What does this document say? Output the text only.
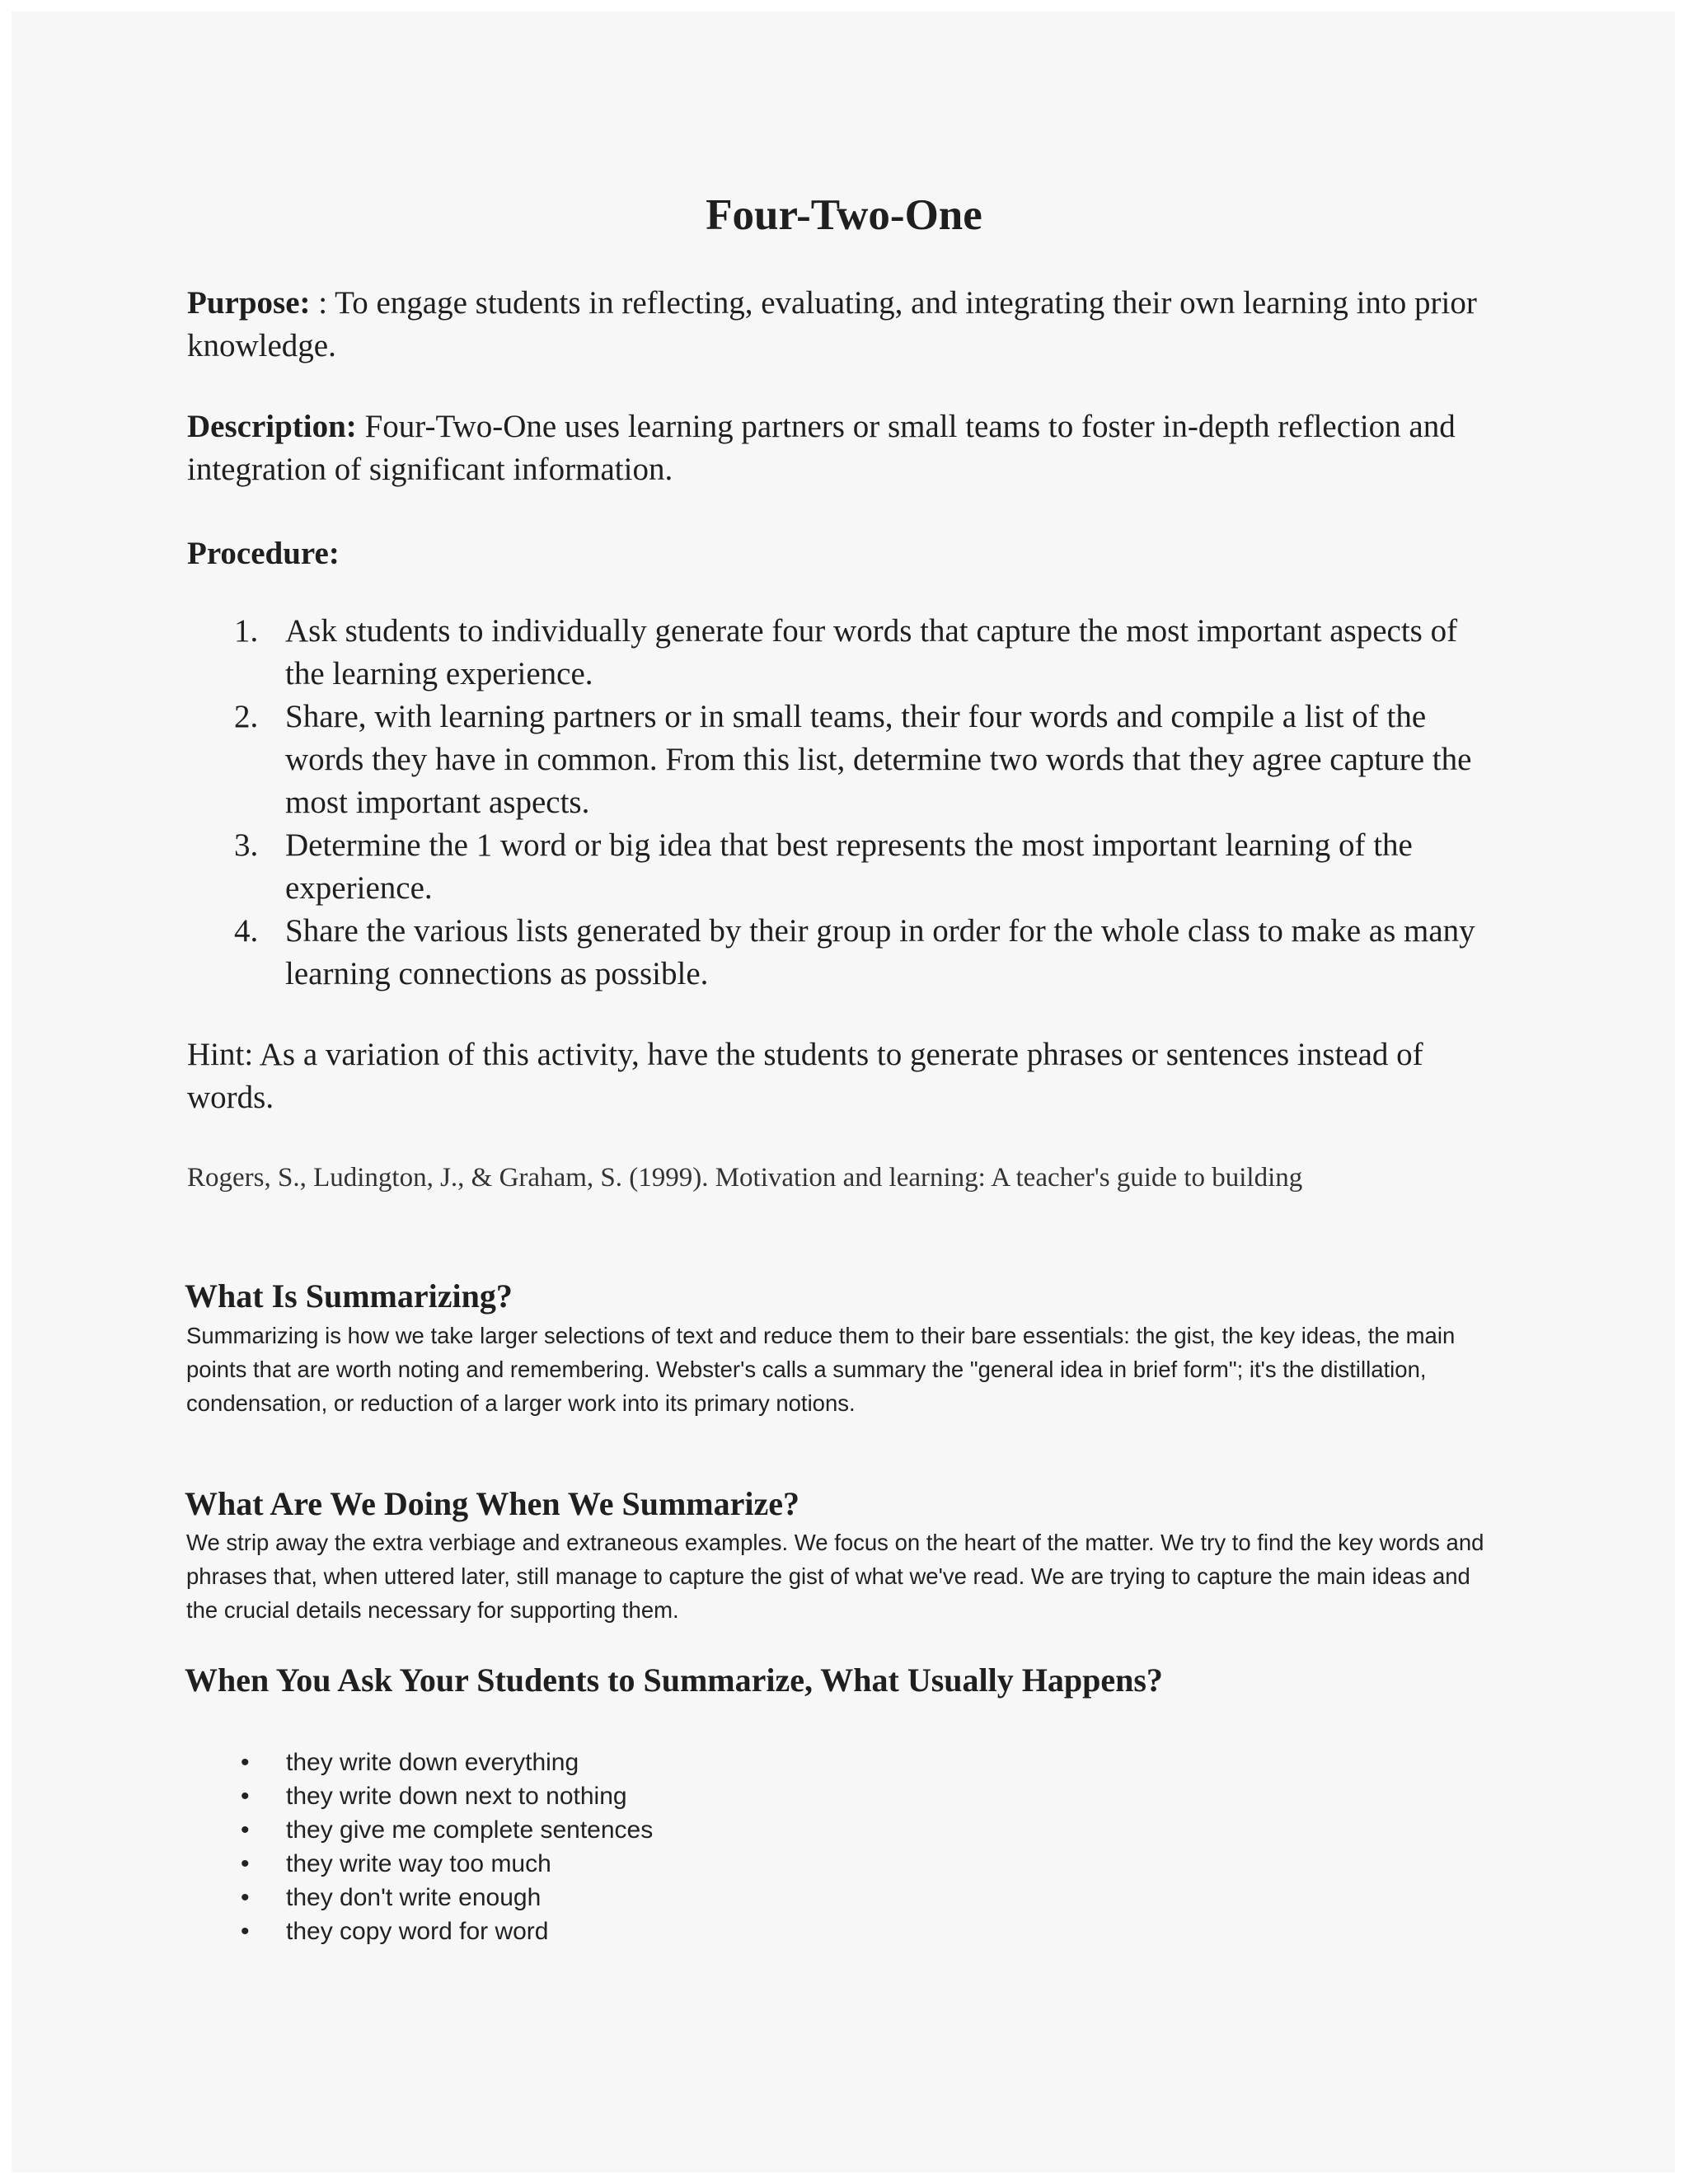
Four-Two-One

Purpose: : To engage students in reflecting, evaluating, and integrating their own learning into prior knowledge.

Description: Four-Two-One uses learning partners or small teams to foster in-depth reflection and integration of significant information.

Procedure:

1. Ask students to individually generate four words that capture the most important aspects of the learning experience.
2. Share, with learning partners or in small teams, their four words and compile a list of the words they have in common. From this list, determine two words that they agree capture the most important aspects.
3. Determine the 1 word or big idea that best represents the most important learning of the experience.
4. Share the various lists generated by their group in order for the whole class to make as many learning connections as possible.

Hint: As a variation of this activity, have the students to generate phrases or sentences instead of words.

Rogers, S., Ludington, J., & Graham, S. (1999). Motivation and learning: A teacher's guide to building

What Is Summarizing?

Summarizing is how we take larger selections of text and reduce them to their bare essentials: the gist, the key ideas, the main points that are worth noting and remembering. Webster's calls a summary the "general idea in brief form"; it's the distillation, condensation, or reduction of a larger work into its primary notions.

What Are We Doing When We Summarize?

We strip away the extra verbiage and extraneous examples. We focus on the heart of the matter. We try to find the key words and phrases that, when uttered later, still manage to capture the gist of what we've read. We are trying to capture the main ideas and the crucial details necessary for supporting them.

When You Ask Your Students to Summarize, What Usually Happens?
• they write down everything
• they write down next to nothing
• they give me complete sentences
• they write way too much
• they don't write enough
• they copy word for word
